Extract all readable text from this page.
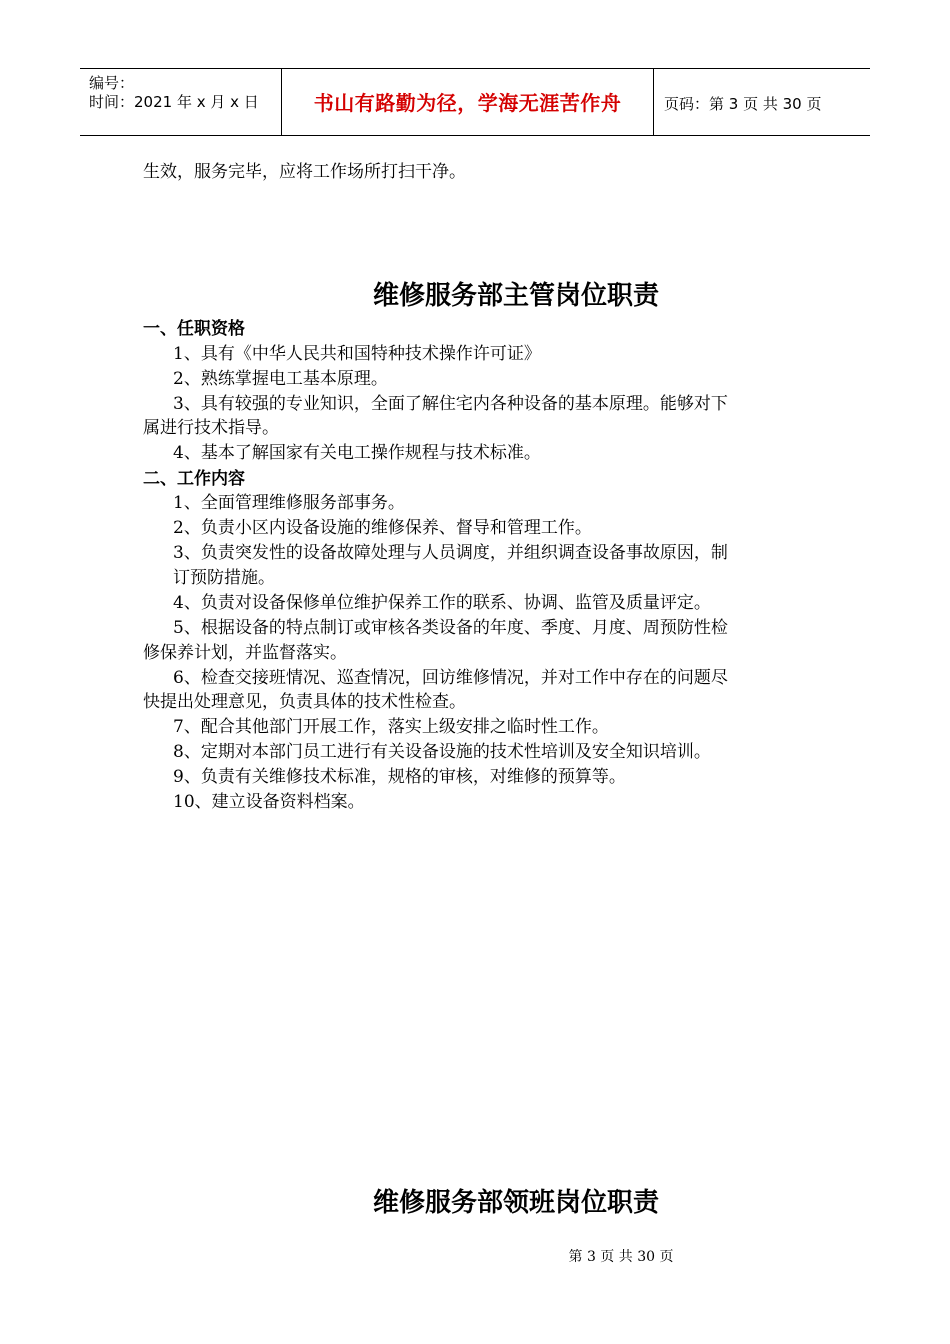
编号：
时间：2021 年 x 月 x 日	书山有路勤为径，学海无涯苦作舟	页码：第 3 页 共 30 页
生效，服务完毕，应将工作场所打扫干净。
维修服务部主管岗位职责
一、任职资格
1、具有《中华人民共和国特种技术操作许可证》
2、熟练掌握电工基本原理。
3、具有较强的专业知识，全面了解住宅内各种设备的基本原理。能够对下
属进行技术指导。
4、基本了解国家有关电工操作规程与技术标准。
二、工作内容
1、全面管理维修服务部事务。
2、负责小区内设备设施的维修保养、督导和管理工作。
3、负责突发性的设备故障处理与人员调度，并组织调查设备事故原因，制
订预防措施。
4、负责对设备保修单位维护保养工作的联系、协调、监管及质量评定。
5、根据设备的特点制订或审核各类设备的年度、季度、月度、周预防性检
修保养计划，并监督落实。
6、检查交接班情况、巡查情况，回访维修情况，并对工作中存在的问题尽
快提出处理意见，负责具体的技术性检查。
7、配合其他部门开展工作，落实上级安排之临时性工作。
8、定期对本部门员工进行有关设备设施的技术性培训及安全知识培训。
9、负责有关维修技术标准，规格的审核，对维修的预算等。
10、建立设备资料档案。
维修服务部领班岗位职责
第 3 页 共 30 页
